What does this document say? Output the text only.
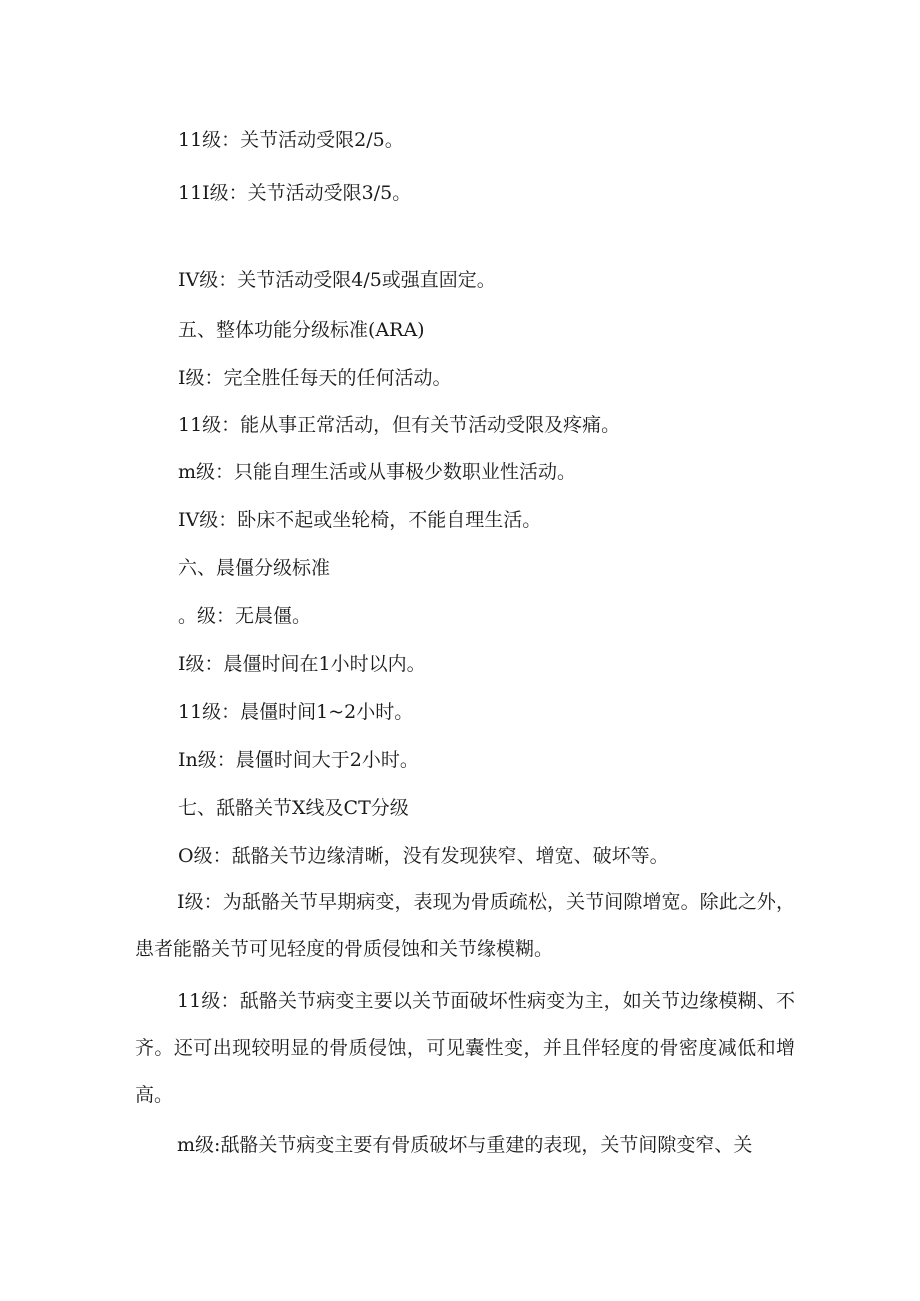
11级：关节活动受限2/5。

11I级：关节活动受限3/5。

IV级：关节活动受限4/5或强直固定。

五、整体功能分级标准(ARA)

I级：完全胜任每天的任何活动。

11级：能从事正常活动，但有关节活动受限及疼痛。

m级：只能自理生活或从事极少数职业性活动。

IV级：卧床不起或坐轮椅，不能自理生活。

六、晨僵分级标准

。级：无晨僵。

I级：晨僵时间在1小时以内。

11级：晨僵时间1~2小时。

In级：晨僵时间大于2小时。

七、舐骼关节X线及CT分级

O级：舐骼关节边缘清晰，没有发现狭窄、增宽、破坏等。

I级：为舐骼关节早期病变，表现为骨质疏松，关节间隙增宽。除此之外，患者能骼关节可见轻度的骨质侵蚀和关节缘模糊。

11级：舐骼关节病变主要以关节面破坏性病变为主，如关节边缘模糊、不齐。还可出现较明显的骨质侵蚀，可见囊性变，并且伴轻度的骨密度减低和增高。

m级:舐骼关节病变主要有骨质破坏与重建的表现，关节间隙变窄、关
